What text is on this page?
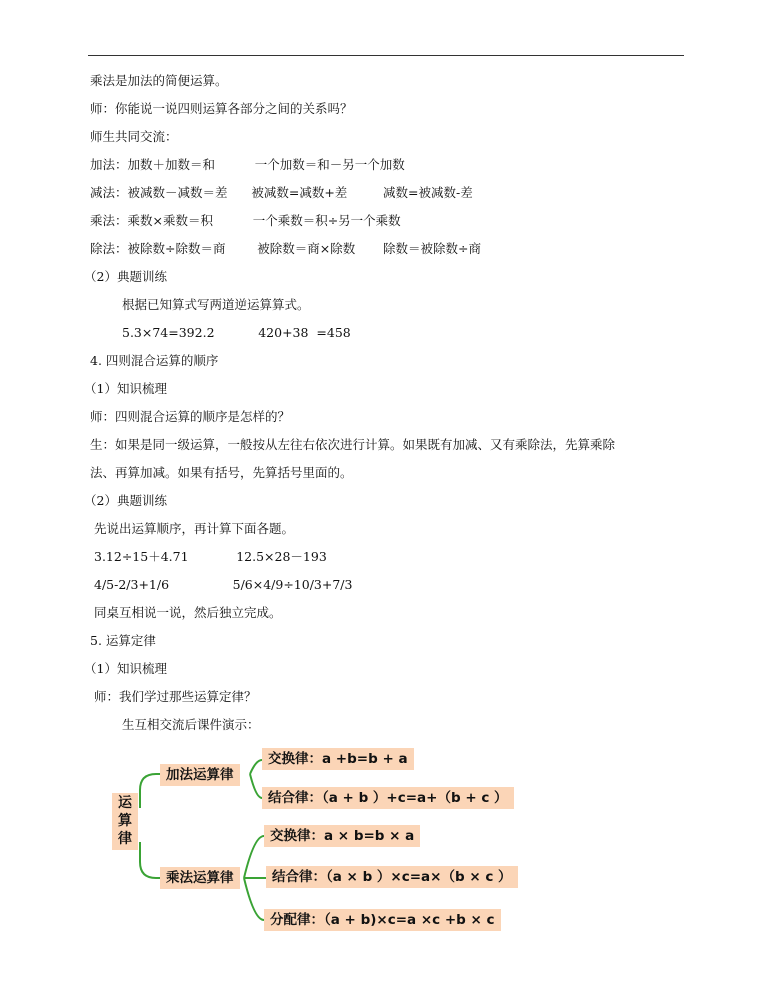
乘法是加法的简便运算。
师：你能说一说四则运算各部分之间的关系吗？
师生共同交流：
加法：加数＋加数＝和          一个加数＝和－另一个加数
减法：被减数－减数＝差      被减数=减数+差         减数=被减数-差
乘法：乘数×乘数＝积          一个乘数＝积÷另一个乘数
除法：被除数÷除数＝商        被除数＝商×除数       除数＝被除数÷商
（2）典题训练
根据已知算式写两道逆运算算式。
5.3×74=392.2           420+38  =458
4. 四则混合运算的顺序
（1）知识梳理
师：四则混合运算的顺序是怎样的？
生：如果是同一级运算，一般按从左往右依次进行计算。如果既有加减、又有乘除法，先算乘除
法、再算加减。如果有括号，先算括号里面的。
（2）典题训练
先说出运算顺序，再计算下面各题。
3.12÷15＋4.71            12.5×28－193
4/5-2/3+1/6                5/6×4/9÷10/3+7/3
同桌互相说一说，然后独立完成。
5. 运算定律
（1）知识梳理
师：我们学过那些运算定律？
生互相交流后课件演示：
运算律
加法运算律
交换律：a +b=b + a
结合律：（a + b ）+c=a+（b + c ）
乘法运算律
交换律：a × b=b × a
结合律：（a × b ）×c=a×（b × c ）
分配律：（a + b)×c=a ×c +b × c
